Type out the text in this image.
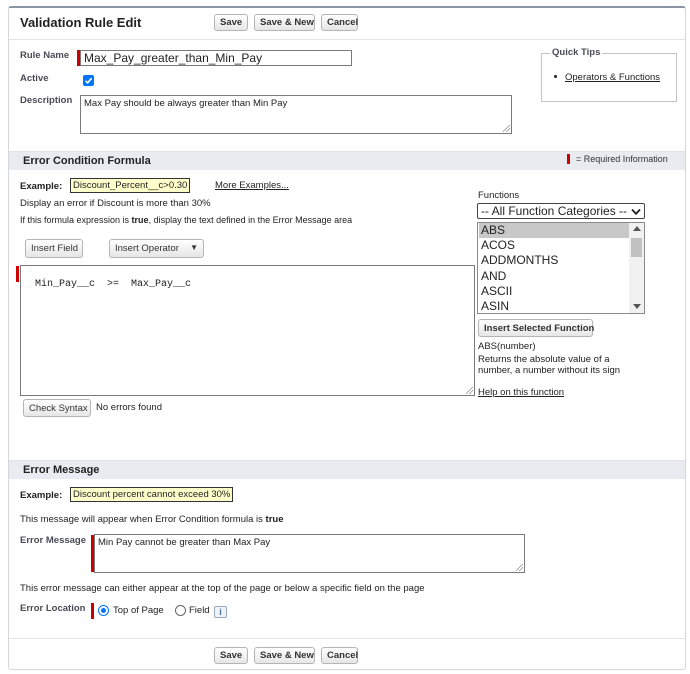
Validation Rule Edit	Save	Save & New	Cancel
Rule Name	Max_Pay_greater_than_Min_Pay
Active
Description	Max Pay should be always greater than Min Pay
Quick Tips
Operators & Functions
Error Condition Formula	= Required Information
Example:	Discount_Percent__c>0.30	More Examples...
Display an error if Discount is more than 30%
If this formula expression is true, display the text defined in the Error Message area
Insert Field	Insert Operator ▼

Min_Pay__c  >=  Max_Pay__c

Check Syntax No errors found
Functions
-- All Function Categories --
ABS
ACOS
ADDMONTHS
AND
ASCII
ASIN
Insert Selected Function
ABS(number)
Returns the absolute value of a number, a number without its sign
Help on this function
Error Message
Example:	Discount percent cannot exceed 30%
This message will appear when Error Condition formula is true
Error Message	Min Pay cannot be greater than Max Pay
This error message can either appear at the top of the page or below a specific field on the page
Error Location	Top of Page	Field	i
Save	Save & New	Cancel
